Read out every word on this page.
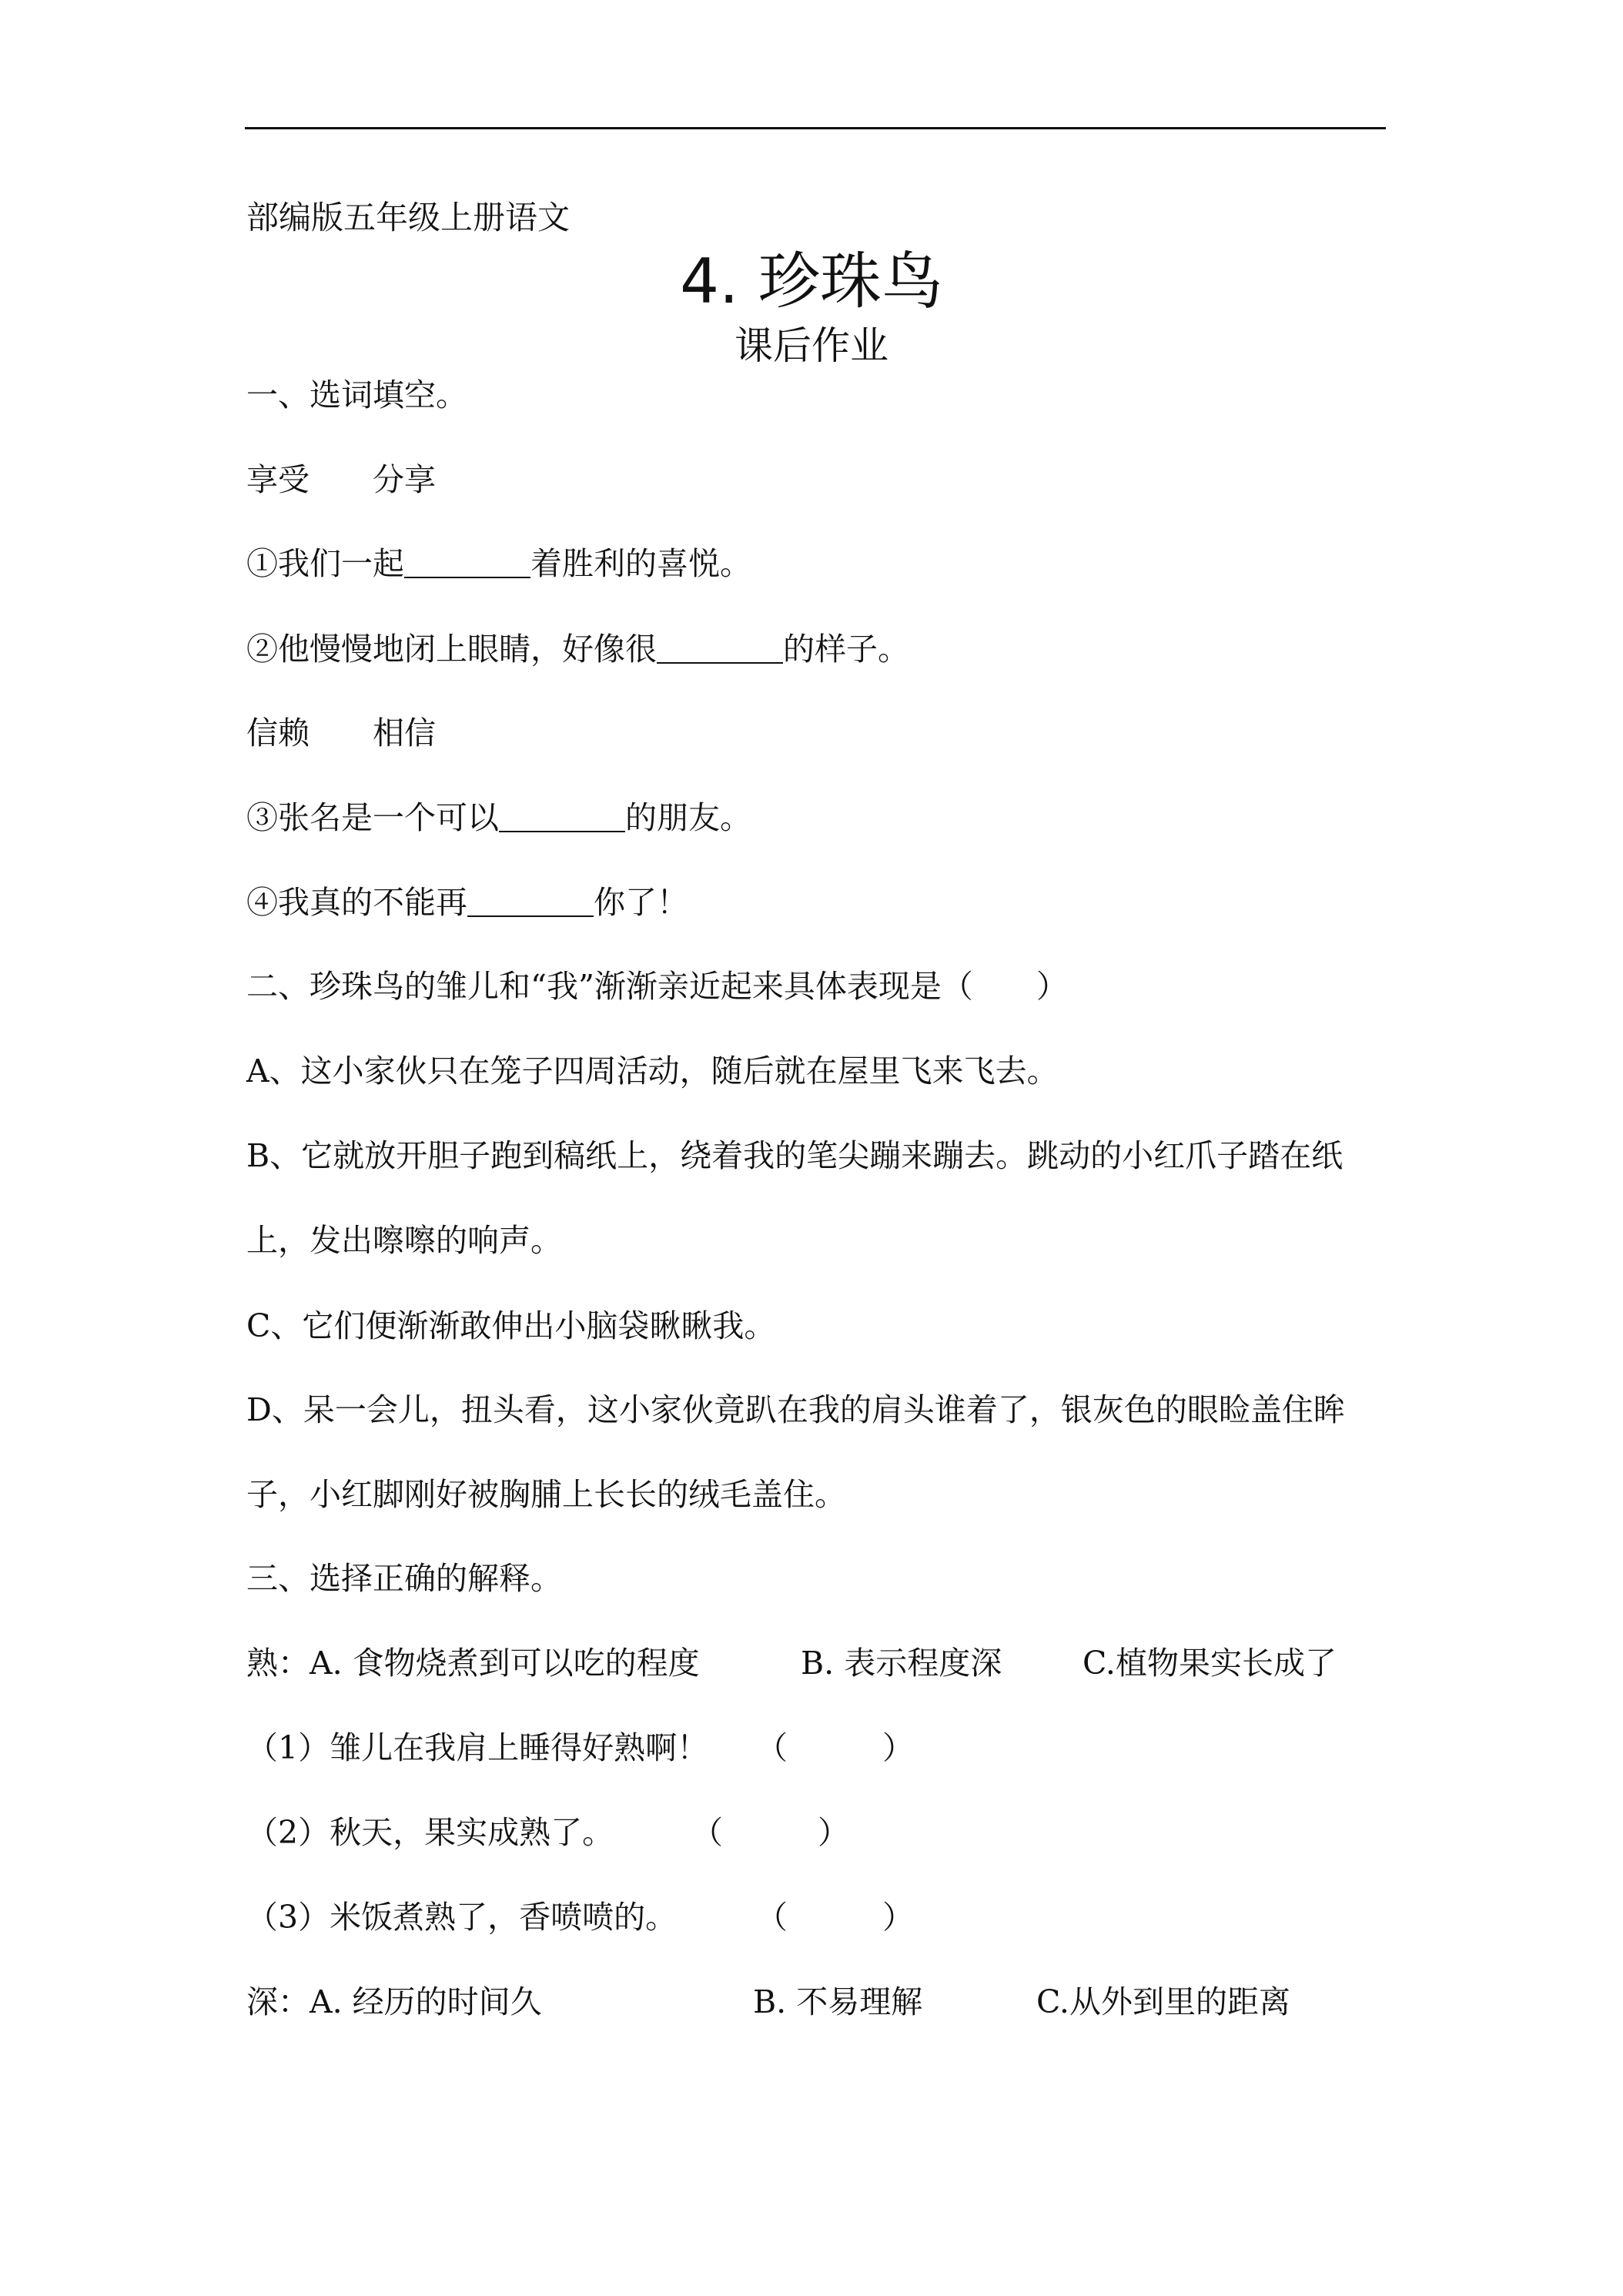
部编版五年级上册语文
4. 珍珠鸟
课后作业
一、选词填空。
享受　　分享
①我们一起	着胜利的喜悦。
②他慢慢地闭上眼睛，好像很	的样子。
信赖　　相信
③张名是一个可以	的朋友。
④我真的不能再	你了！
二、珍珠鸟的雏儿和“我”渐渐亲近起来具体表现是（　　）
A、这小家伙只在笼子四周活动，随后就在屋里飞来飞去。
B、它就放开胆子跑到稿纸上，绕着我的笔尖蹦来蹦去。跳动的小红爪子踏在纸
上，发出嚓嚓的响声。
C、它们便渐渐敢伸出小脑袋瞅瞅我。
D、呆一会儿，扭头看，这小家伙竟趴在我的肩头谁着了，银灰色的眼睑盖住眸
子，小红脚刚好被胸脯上长长的绒毛盖住。
三、选择正确的解释。
熟： A. 食物烧煮到可以吃的程度	B. 表示程度深	C.植物果实长成了
（1）雏儿在我肩上睡得好熟啊！ （　　　）
（2）秋天，果实成熟了。 （　　　）
（3）米饭煮熟了，香喷喷的。	（　　　）
深： A. 经历的时间久	B. 不易理解	C.从外到里的距离
